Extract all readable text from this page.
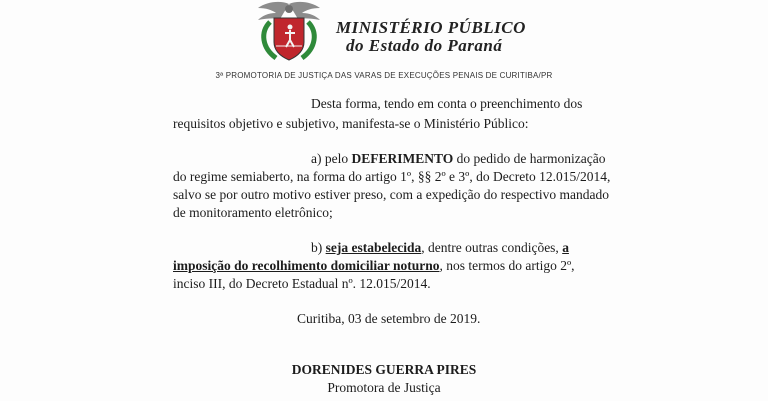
MINISTÉRIO PÚBLICO
do Estado do Paraná
3ª PROMOTORIA DE JUSTIÇA DAS VARAS DE EXECUÇÕES PENAIS DE CURITIBA/PR
Desta forma, tendo em conta o preenchimento dos
requisitos objetivo e subjetivo, manifesta-se o Ministério Público:
a) pelo DEFERIMENTO do pedido de harmonização
do regime semiaberto, na forma do artigo 1º, §§ 2º e 3º, do Decreto 12.015/2014,
salvo se por outro motivo estiver preso, com a expedição do respectivo mandado
de monitoramento eletrônico;
b) seja estabelecida, dentre outras condições, a
imposição do recolhimento domiciliar noturno, nos termos do artigo 2º,
inciso III, do Decreto Estadual nº. 12.015/2014.
Curitiba, 03 de setembro de 2019.
DORENIDES GUERRA PIRES
Promotora de Justiça
